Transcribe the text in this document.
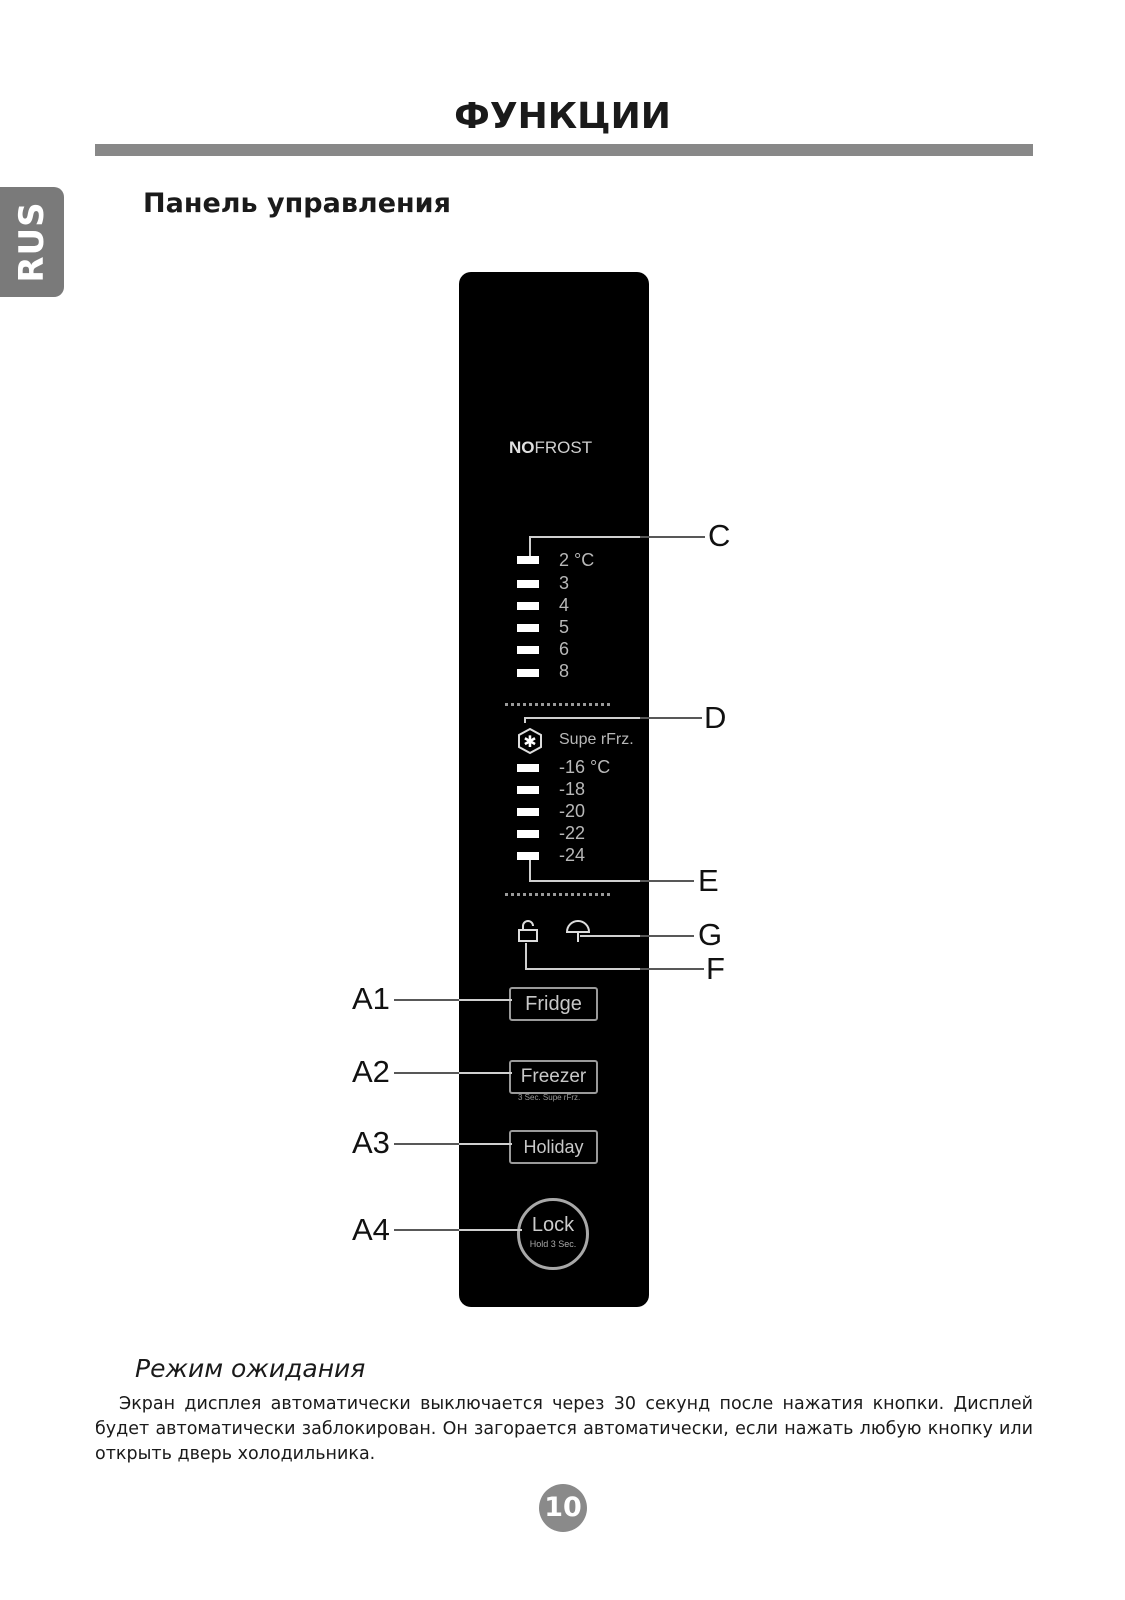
RUS
ФУНКЦИИ
Панель управления
NOFROST
2 °C
3
4
5
6
8
✱ Supe rFrz.
-16 °C
-18
-20
-22
-24
Fridge
Freezer
3 Sec. Supe rFrz.
Holiday
Lock
Hold 3 Sec.
C
D
E
G
F
A1
A2
A3
A4
Режим ожидания
Экран дисплея автоматически выключается через 30 секунд после нажатия кнопки. Дисплей будет автоматически заблокирован. Он загорается автоматически, если нажать любую кнопку или открыть дверь холодильника.
10
